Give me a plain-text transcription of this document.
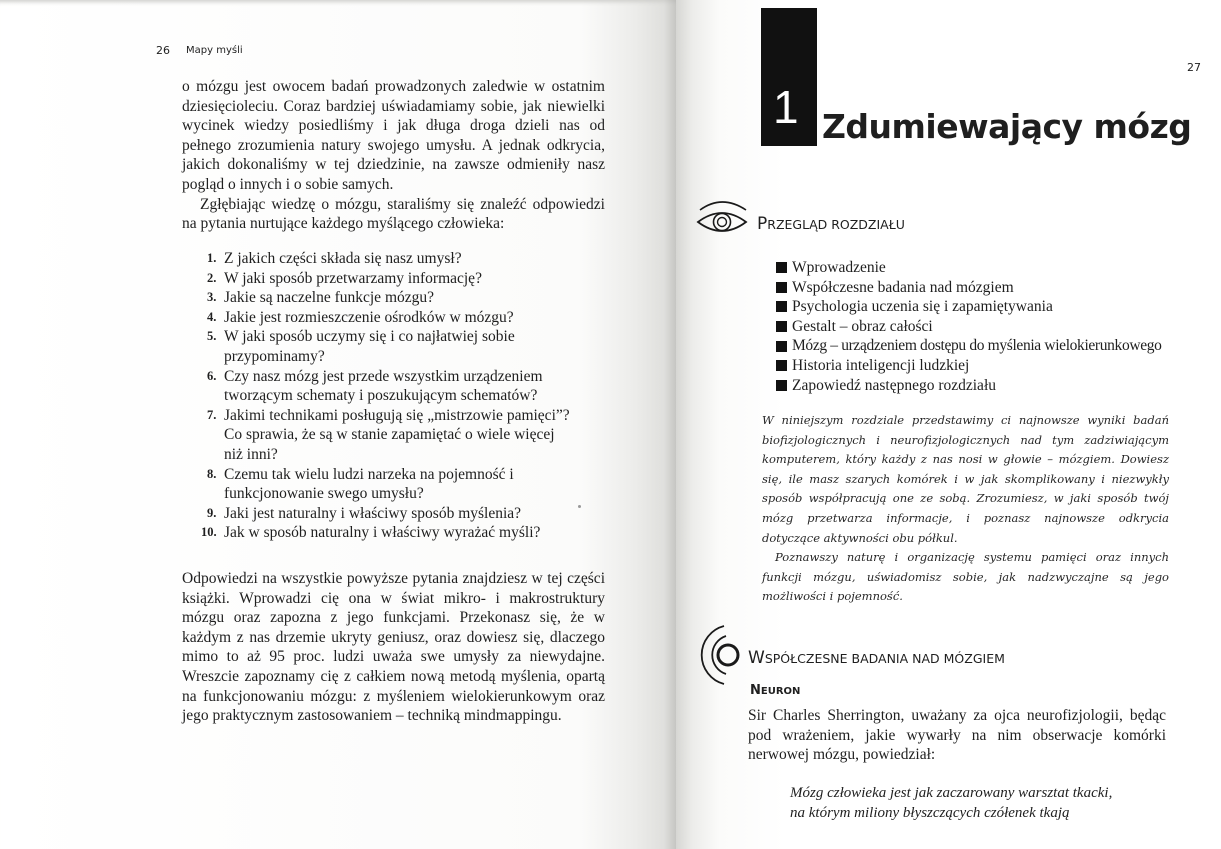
26 Mapy myśli

o mózgu jest owocem badań prowadzonych zaledwie w ostatnim dziesięcioleciu. Coraz bardziej uświadamiamy sobie, jak niewielki wycinek wiedzy posiedliśmy i jak długa droga dzieli nas od pełnego zrozumienia natury swojego umysłu. A jednak odkrycia, jakich dokonaliśmy w tej dziedzinie, na zawsze odmieniły nasz pogląd o innych i o sobie samych.

Zgłębiając wiedzę o mózgu, staraliśmy się znaleźć odpowiedzi na pytania nurtujące każdego myślącego człowieka:

1. Z jakich części składa się nasz umysł?
2. W jaki sposób przetwarzamy informację?
3. Jakie są naczelne funkcje mózgu?
4. Jakie jest rozmieszczenie ośrodków w mózgu?
5. W jaki sposób uczymy się i co najłatwiej sobie przypominamy?
6. Czy nasz mózg jest przede wszystkim urządzeniem tworzącym schematy i poszukującym schematów?
7. Jakimi technikami posługują się „mistrzowie pamięci”? Co sprawia, że są w stanie zapamiętać o wiele więcej niż inni?
8. Czemu tak wielu ludzi narzeka na pojemność i funkcjonowanie swego umysłu?
9. Jaki jest naturalny i właściwy sposób myślenia?
10. Jak w sposób naturalny i właściwy wyrażać myśli?

Odpowiedzi na wszystkie powyższe pytania znajdziesz w tej części książki. Wprowadzi cię ona w świat mikro- i makrostruktury mózgu oraz zapozna z jego funkcjami. Przekonasz się, że w każdym z nas drzemie ukryty geniusz, oraz dowiesz się, dlaczego mimo to aż 95 proc. ludzi uważa swe umysły za niewydajne. Wreszcie zapoznamy cię z całkiem nową metodą myślenia, opartą na funkcjonowaniu mózgu: z myśleniem wielokierunkowym oraz jego praktycznym zastosowaniem – techniką mindmappingu.

27
1 Zdumiewający mózg
PRZEGLĄD ROZDZIAŁU
Wprowadzenie
Współczesne badania nad mózgiem
Psychologia uczenia się i zapamiętywania
Gestalt – obraz całości
Mózg – urządzeniem dostępu do myślenia wielokierunkowego
Historia inteligencji ludzkiej
Zapowiedź następnego rozdziału

W niniejszym rozdziale przedstawimy ci najnowsze wyniki badań biofizjologicznych i neurofizjologicznych nad tym zadziwiającym komputerem, który każdy z nas nosi w głowie – mózgiem. Dowiesz się, ile masz szarych komórek i w jak skomplikowany i niezwykły sposób współpracują one ze sobą. Zrozumiesz, w jaki sposób twój mózg przetwarza informacje, i poznasz najnowsze odkrycia dotyczące aktywności obu półkul.

Poznawszy naturę i organizację systemu pamięci oraz innych funkcji mózgu, uświadomisz sobie, jak nadzwyczajne są jego możliwości i pojemność.

WSPÓŁCZESNE BADANIA NAD MÓZGIEM
NEURON
Sir Charles Sherrington, uważany za ojca neurofizjologii, będąc pod wrażeniem, jakie wywarły na nim obserwacje komórki nerwowej mózgu, powiedział:
Mózg człowieka jest jak zaczarowany warsztat tkacki, na którym miliony błyszczących czółenek tkają
